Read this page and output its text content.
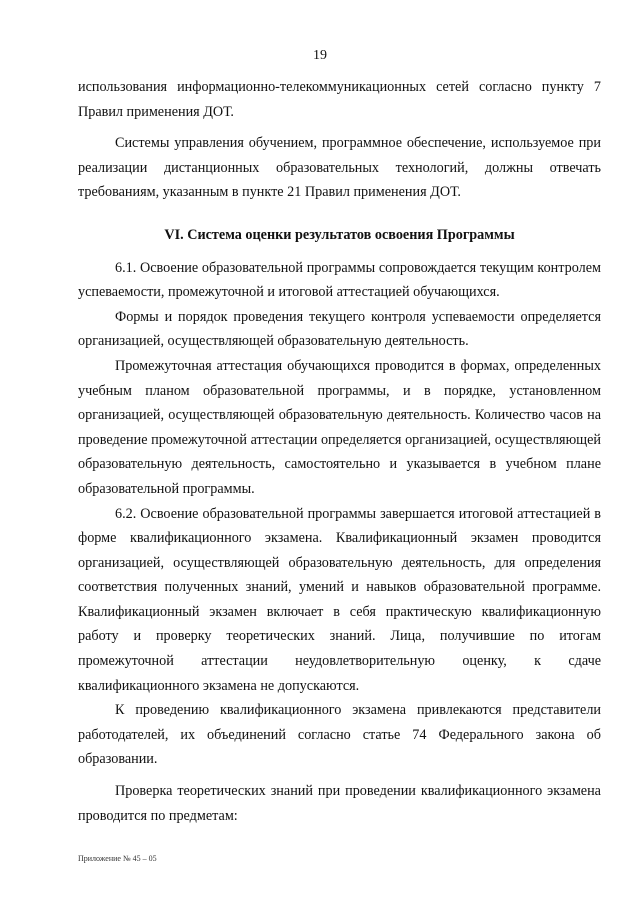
19

использования информационно-телекоммуникационных сетей согласно пункту 7 Правил применения ДОТ.

Системы управления обучением, программное обеспечение, используемое при реализации дистанционных образовательных технологий, должны отвечать требованиям, указанным в пункте 21 Правил применения ДОТ.

VI. Система оценки результатов освоения Программы

6.1. Освоение образовательной программы сопровождается текущим контролем успеваемости, промежуточной и итоговой аттестацией обучающихся.

Формы и порядок проведения текущего контроля успеваемости определяется организацией, осуществляющей образовательную деятельность.

Промежуточная аттестация обучающихся проводится в формах, определенных учебным планом образовательной программы, и в порядке, установленном организацией, осуществляющей образовательную деятельность. Количество часов на проведение промежуточной аттестации определяется организацией, осуществляющей образовательную деятельность, самостоятельно и указывается в учебном плане образовательной программы.

6.2. Освоение образовательной программы завершается итоговой аттестацией в форме квалификационного экзамена. Квалификационный экзамен проводится организацией, осуществляющей образовательную деятельность, для определения соответствия полученных знаний, умений и навыков образовательной программе. Квалификационный экзамен включает в себя практическую квалификационную работу и проверку теоретических знаний. Лица, получившие по итогам промежуточной аттестации неудовлетворительную оценку, к сдаче квалификационного экзамена не допускаются.

К проведению квалификационного экзамена привлекаются представители работодателей, их объединений согласно статье 74 Федерального закона об образовании.

Проверка теоретических знаний при проведении квалификационного экзамена проводится по предметам:

Приложение № 45 – 05
